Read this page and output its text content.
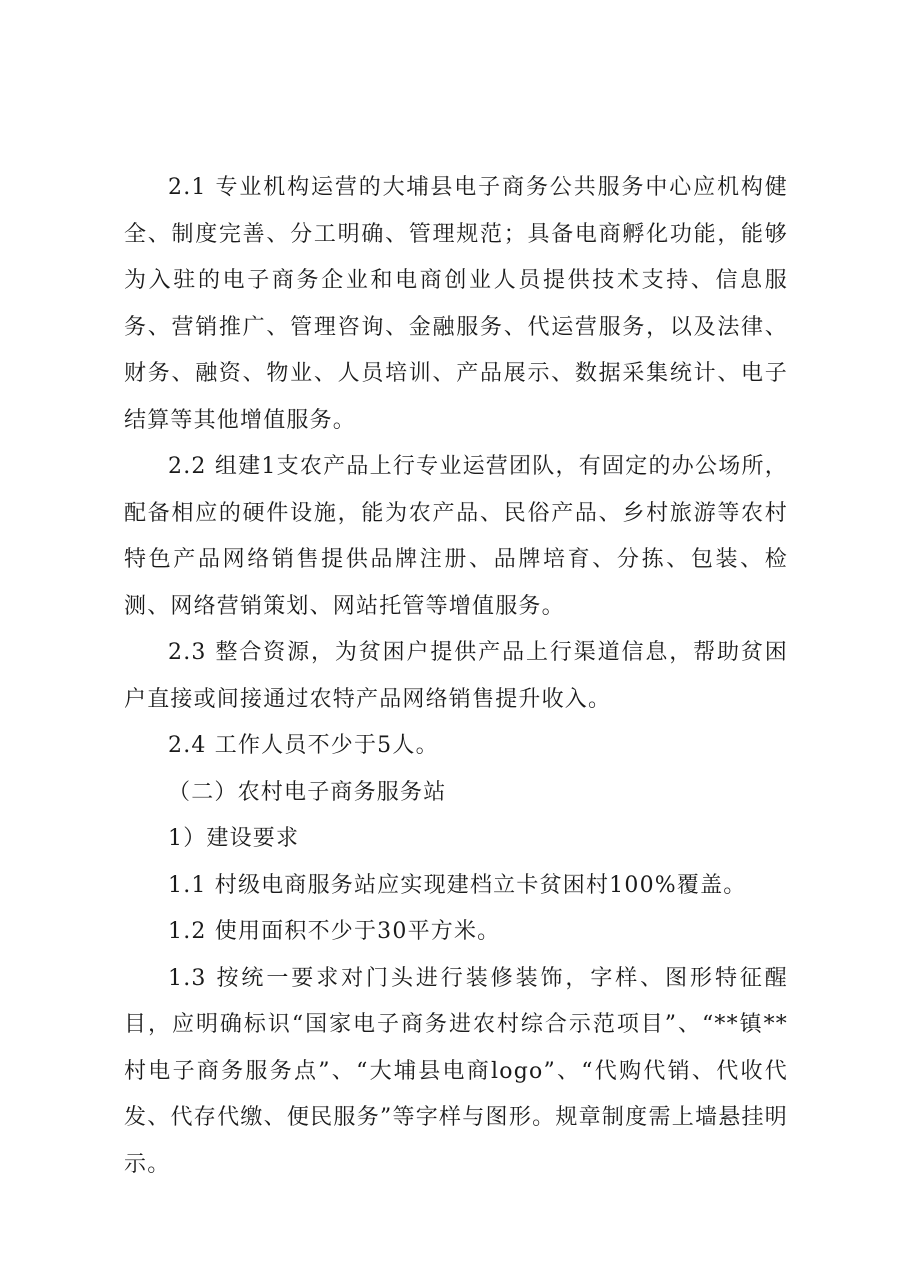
2.1 专业机构运营的大埔县电子商务公共服务中心应机构健全、制度完善、分工明确、管理规范；具备电商孵化功能，能够为入驻的电子商务企业和电商创业人员提供技术支持、信息服务、营销推广、管理咨询、金融服务、代运营服务，以及法律、财务、融资、物业、人员培训、产品展示、数据采集统计、电子结算等其他增值服务。

2.2 组建1支农产品上行专业运营团队，有固定的办公场所，配备相应的硬件设施，能为农产品、民俗产品、乡村旅游等农村特色产品网络销售提供品牌注册、品牌培育、分拣、包装、检测、网络营销策划、网站托管等增值服务。

2.3 整合资源，为贫困户提供产品上行渠道信息，帮助贫困户直接或间接通过农特产品网络销售提升收入。

2.4 工作人员不少于5人。

（二）农村电子商务服务站

1）建设要求

1.1 村级电商服务站应实现建档立卡贫困村100%覆盖。

1.2 使用面积不少于30平方米。

1.3 按统一要求对门头进行装修装饰，字样、图形特征醒目，应明确标识“国家电子商务进农村综合示范项目”、“**镇**村电子商务服务点”、“大埔县电商logo”、“代购代销、代收代发、代存代缴、便民服务”等字样与图形。规章制度需上墙悬挂明示。
